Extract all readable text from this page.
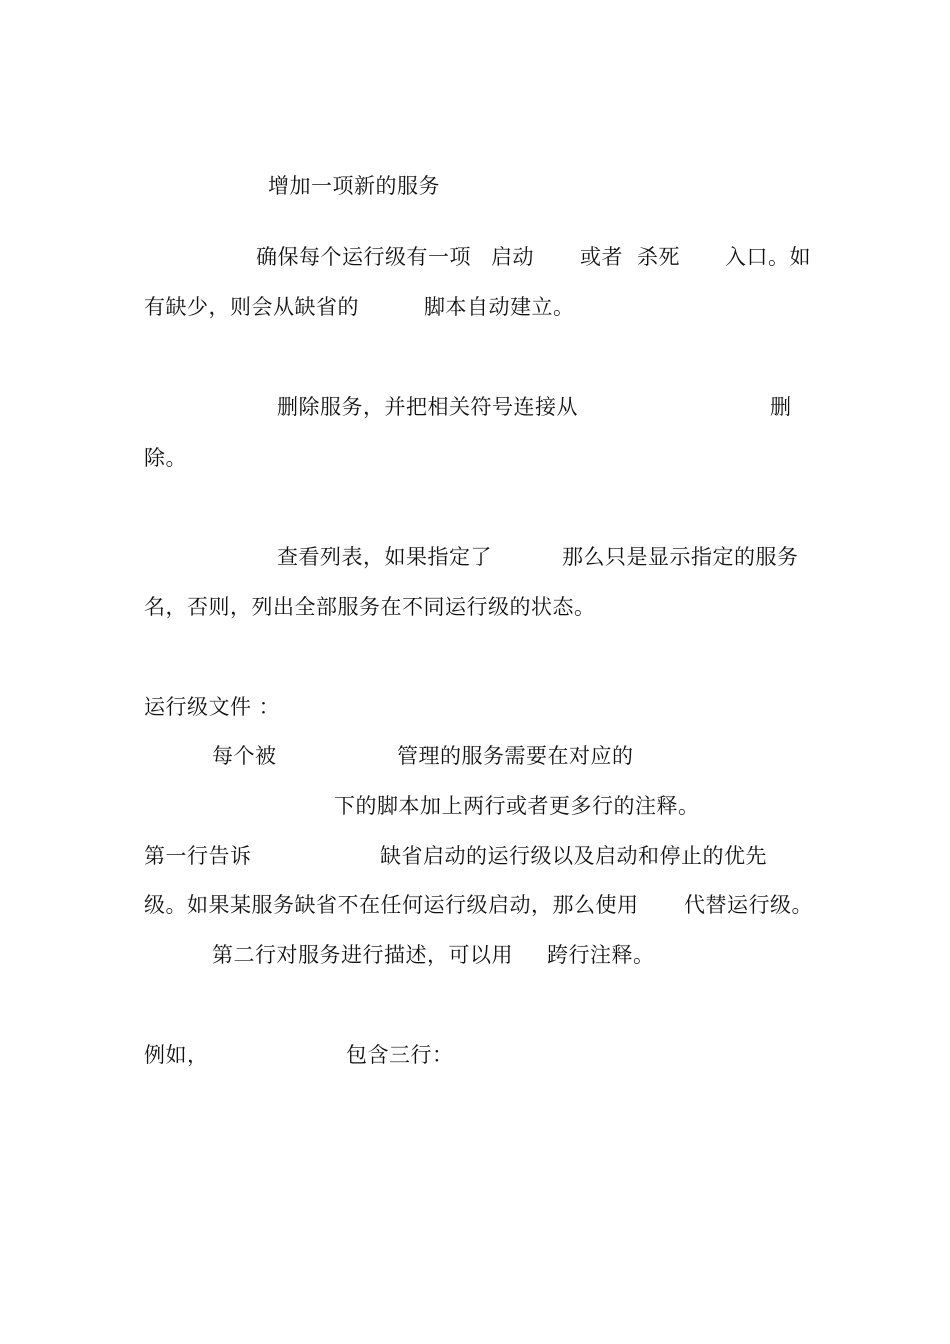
增加一项新的服务
确保每个运行级有一项 启动 或者 杀死 入口。如
有缺少，则会从缺省的	脚本自动建立。
删除服务，并把相关符号连接从	删
除。
查看列表，如果指定了	那么只是显示指定的服务
名，否则，列出全部服务在不同运行级的状态。
运行级文件 ：
每个被	管理的服务需要在对应的
下的脚本加上两行或者更多行的注释。
第一行告诉	缺省启动的运行级以及启动和停止的优先
级。如果某服务缺省不在任何运行级启动，那么使用 代替运行级。
第二行对服务进行描述，可以用 跨行注释。
例如，	包含三行：
